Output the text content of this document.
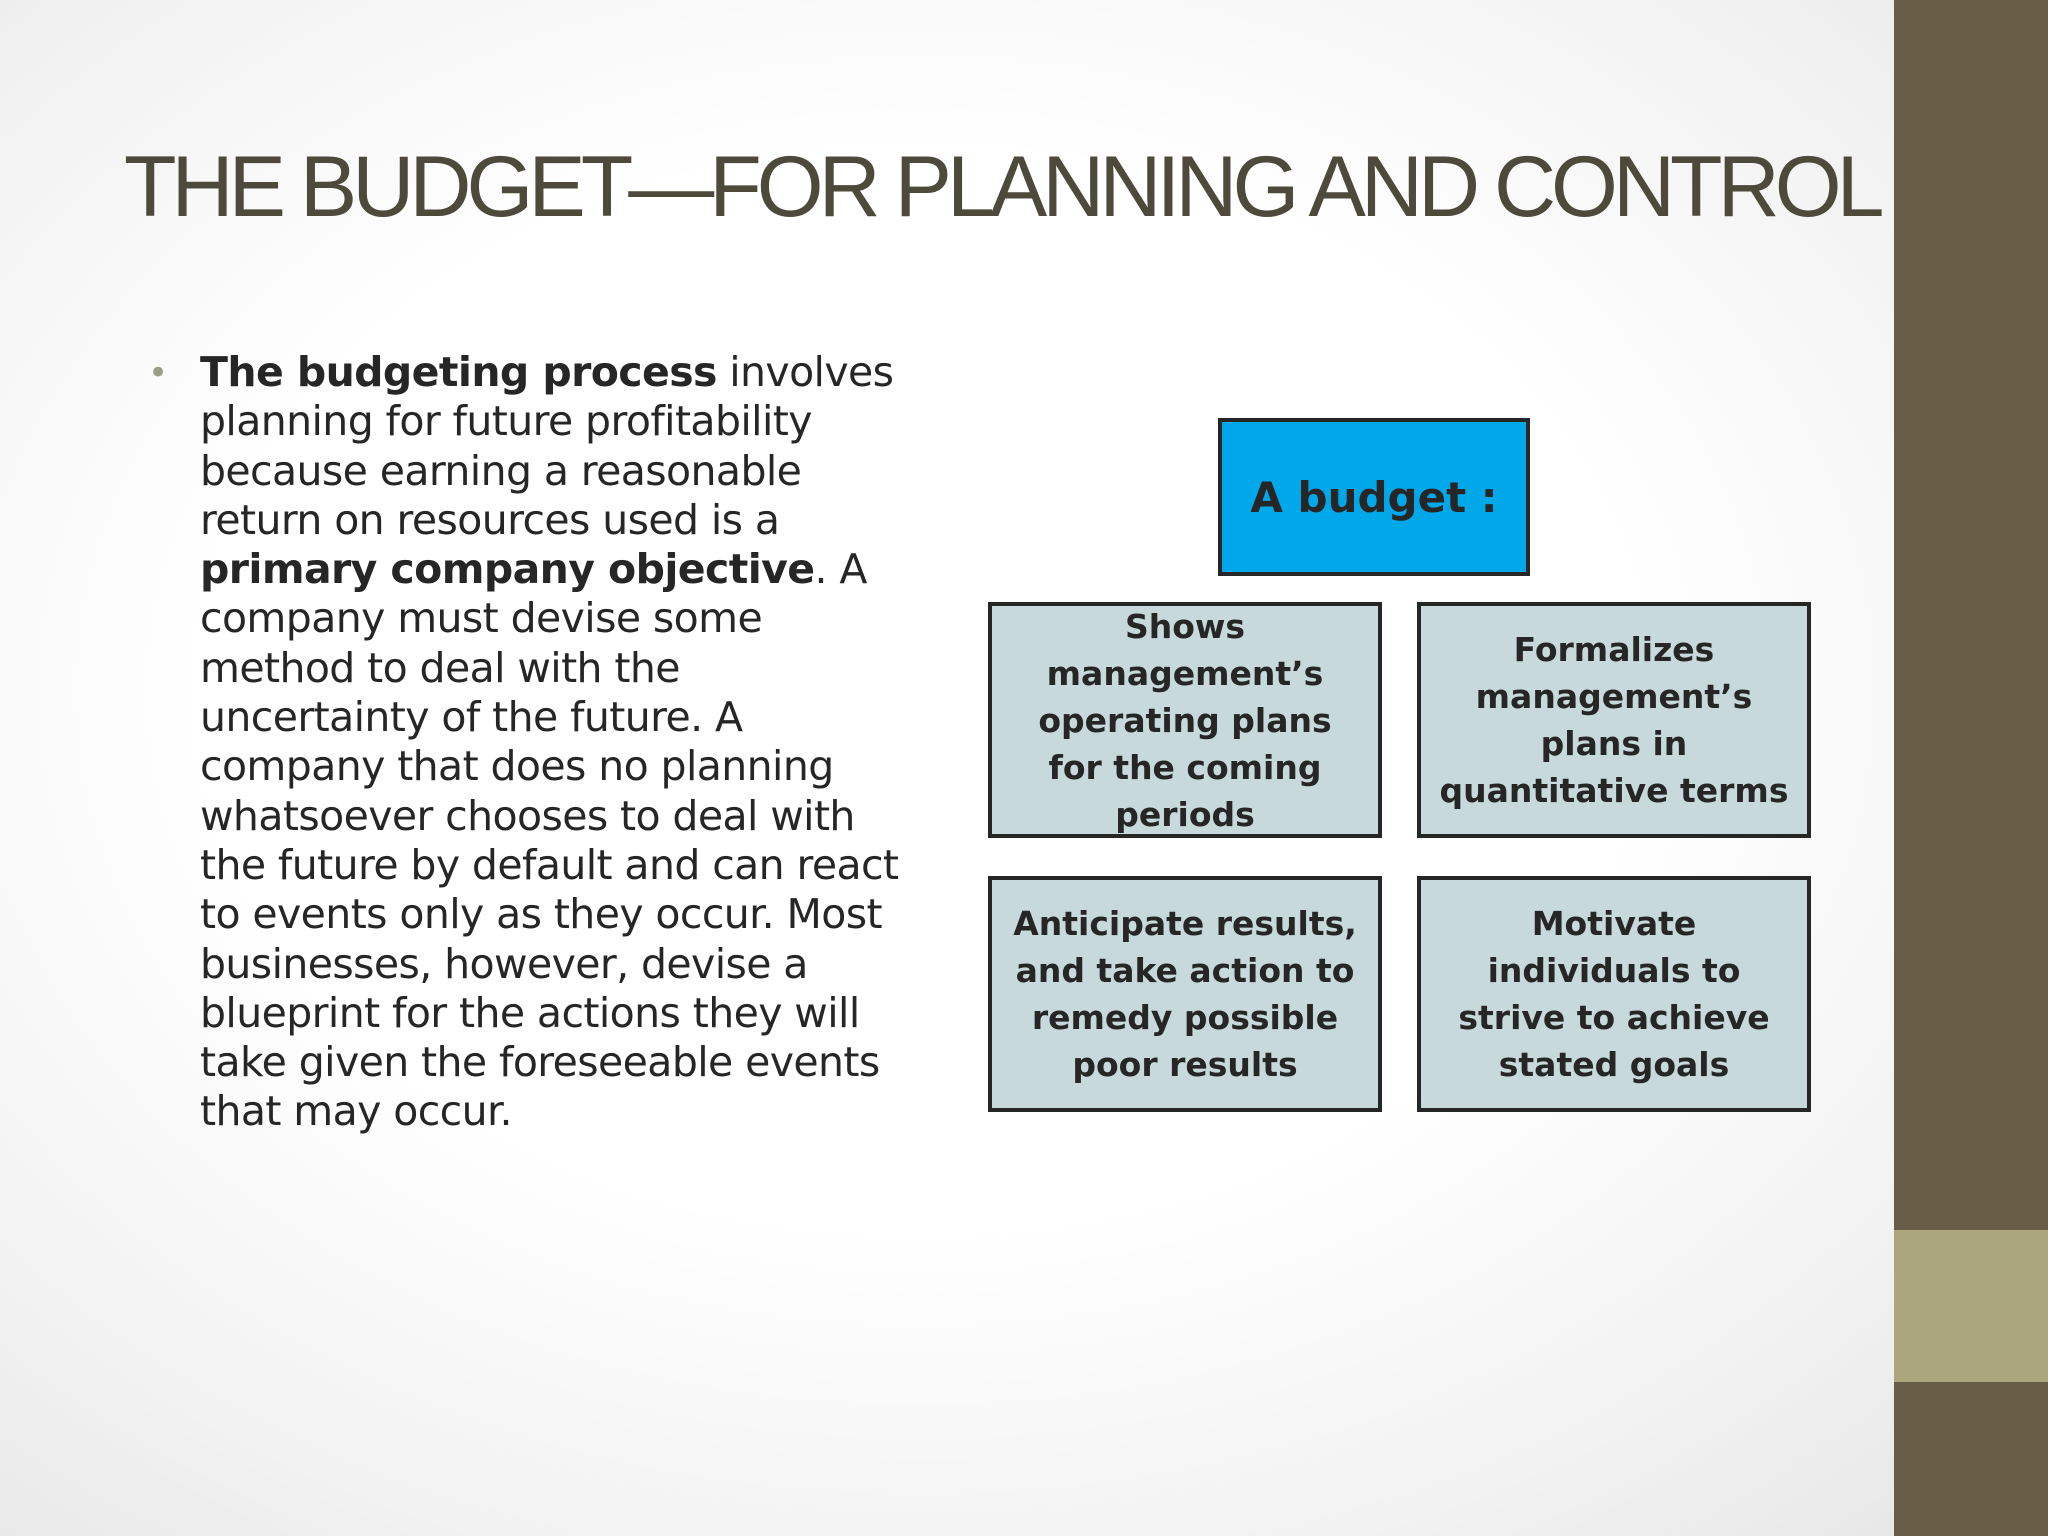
THE BUDGET—FOR PLANNING AND CONTROL
• The budgeting process involves planning for future profitability because earning a reasonable return on resources used is a primary company objective. A company must devise some method to deal with the uncertainty of the future. A company that does no planning whatsoever chooses to deal with the future by default and can react to events only as they occur. Most businesses, however, devise a blueprint for the actions they will take given the foreseeable events that may occur.

A budget :
Shows management’s operating plans for the coming periods
Formalizes management’s plans in quantitative terms
Anticipate results, and take action to remedy possible poor results
Motivate individuals to strive to achieve stated goals
